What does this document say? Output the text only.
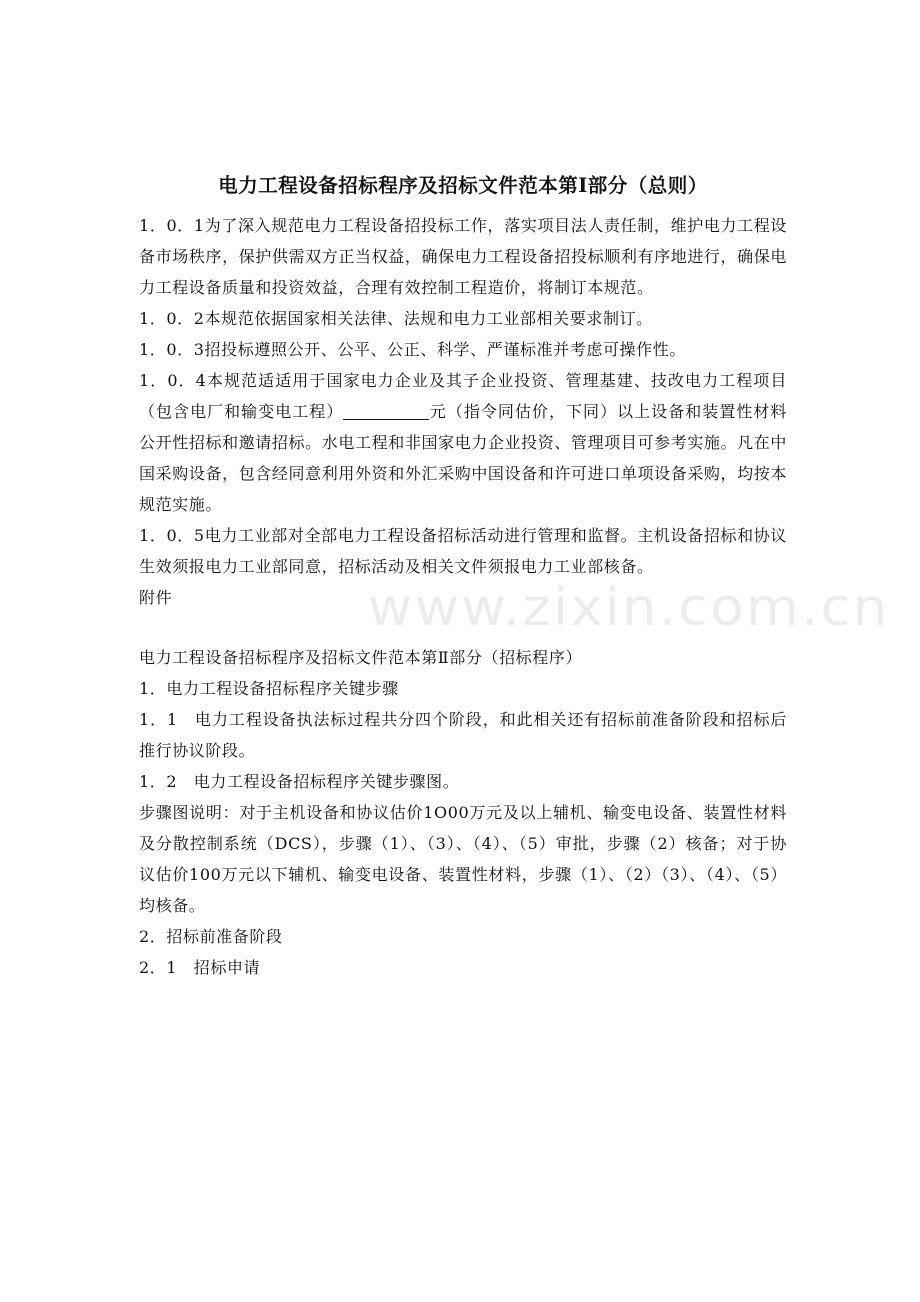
电力工程设备招标程序及招标文件范本第Ⅰ部分（总则）

1．0．1为了深入规范电力工程设备招投标工作，落实项目法人责任制，维护电力工程设备市场秩序，保护供需双方正当权益，确保电力工程设备招投标顺利有序地进行，确保电力工程设备质量和投资效益，合理有效控制工程造价，将制订本规范。

1．0．2本规范依据国家相关法律、法规和电力工业部相关要求制订。

1．0．3招投标遵照公开、公平、公正、科学、严谨标准并考虑可操作性。

1．0．4本规范适适用于国家电力企业及其子企业投资、管理基建、技改电力工程项目（包含电厂和输变电工程）	元（指令同估价，下同）以上设备和装置性材料公开性招标和邀请招标。水电工程和非国家电力企业投资、管理项目可参考实施。凡在中国采购设备，包含经同意利用外资和外汇采购中国设备和许可进口单项设备采购，均按本规范实施。

1．0．5电力工业部对全部电力工程设备招标活动进行管理和监督。主机设备招标和协议生效须报电力工业部同意，招标活动及相关文件须报电力工业部核备。

附件

电力工程设备招标程序及招标文件范本第Ⅱ部分（招标程序）

1．电力工程设备招标程序关键步骤

1．1　电力工程设备执法标过程共分四个阶段，和此相关还有招标前准备阶段和招标后推行协议阶段。

1．2　电力工程设备招标程序关键步骤图。

步骤图说明：对于主机设备和协议估价1O00万元及以上辅机、输变电设备、装置性材料及分散控制系统（DCS），步骤（1）、（3）、（4）、（5）审批，步骤（2）核备；对于协议估价100万元以下辅机、输变电设备、装置性材料，步骤（1）、（2）（3）、（4）、（5）均核备。

2．招标前准备阶段

2．1　招标申请

www.zixin.com.cn
